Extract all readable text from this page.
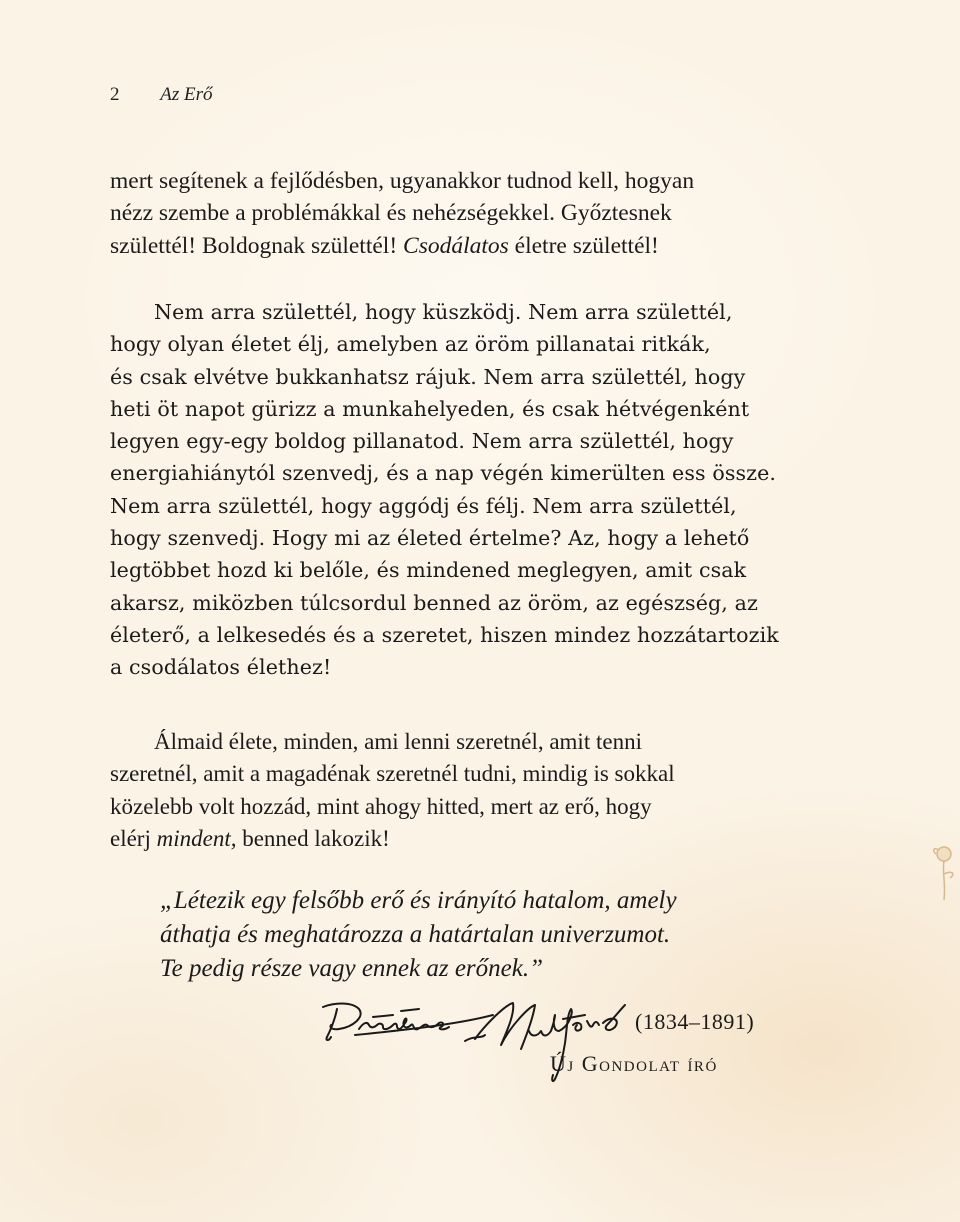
2 Az Erő

mert segítenek a fejlődésben, ugyanakkor tudnod kell, hogyan
nézz szembe a problémákkal és nehézségekkel. Győztesnek
születtél! Boldognak születtél! Csodálatos életre születtél!

Nem arra születtél, hogy küszködj. Nem arra születtél,
hogy olyan életet élj, amelyben az öröm pillanatai ritkák,
és csak elvétve bukkanhatsz rájuk. Nem arra születtél, hogy
heti öt napot gürizz a munkahelyeden, és csak hétvégenként
legyen egy-egy boldog pillanatod. Nem arra születtél, hogy
energiahiánytól szenvedj, és a nap végén kimerülten ess össze.
Nem arra születtél, hogy aggódj és félj. Nem arra születtél,
hogy szenvedj. Hogy mi az életed értelme? Az, hogy a lehető
legtöbbet hozd ki belőle, és mindened meglegyen, amit csak
akarsz, miközben túlcsordul benned az öröm, az egészség, az
életerő, a lelkesedés és a szeretet, hiszen mindez hozzátartozik
a csodálatos élethez!

Álmaid élete, minden, ami lenni szeretnél, amit tenni
szeretnél, amit a magadénak szeretnél tudni, mindig is sokkal
közelebb volt hozzád, mint ahogy hitted, mert az erő, hogy
elérj mindent, benned lakozik!

„Létezik egy felsőbb erő és irányító hatalom, amely
áthatja és meghatározza a határtalan univerzumot.
Te pedig része vagy ennek az erőnek.”

(1834–1891)
Új Gondolat író
